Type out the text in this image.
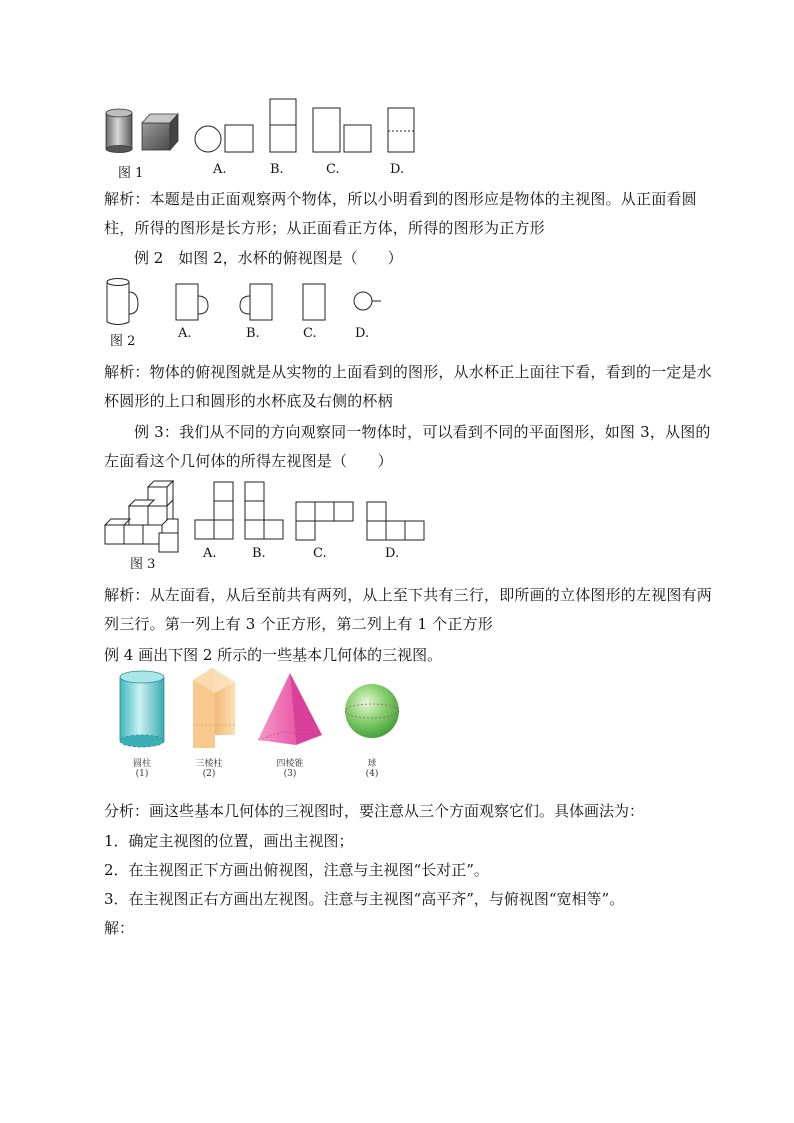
图 1	A.	B.	C.	D.
解析：本题是由正面观察两个物体，所以小明看到的图形应是物体的主视图。从正面看圆柱，所得的图形是长方形；从正面看正方体，所得的图形为正方形
例 2　如图 2，水杯的俯视图是（　　）
图 2
A.	B.	C.	D.
解析：物体的俯视图就是从实物的上面看到的图形，从水杯正上面往下看，看到的一定是水杯圆形的上口和圆形的水杯底及右侧的杯柄
例 3：我们从不同的方向观察同一物体时，可以看到不同的平面图形，如图 3，从图的左面看这个几何体的所得左视图是（　　）
图 3
A.	B.	C.	D.
解析：从左面看，从后至前共有两列，从上至下共有三行，即所画的立体图形的左视图有两列三行。第一列上有 3 个正方形，第二列上有 1 个正方形
例 4 画出下图 2 所示的一些基本几何体的三视图。
圆柱
(1)
三棱柱
(2)
四棱锥
(3)
球
(4)
分析：画这些基本几何体的三视图时，要注意从三个方面观察它们。具体画法为：
1．确定主视图的位置，画出主视图；
2．在主视图正下方画出俯视图，注意与主视图“长对正”。
3．在主视图正右方画出左视图。注意与主视图“高平齐”，与俯视图“宽相等”。
解：
